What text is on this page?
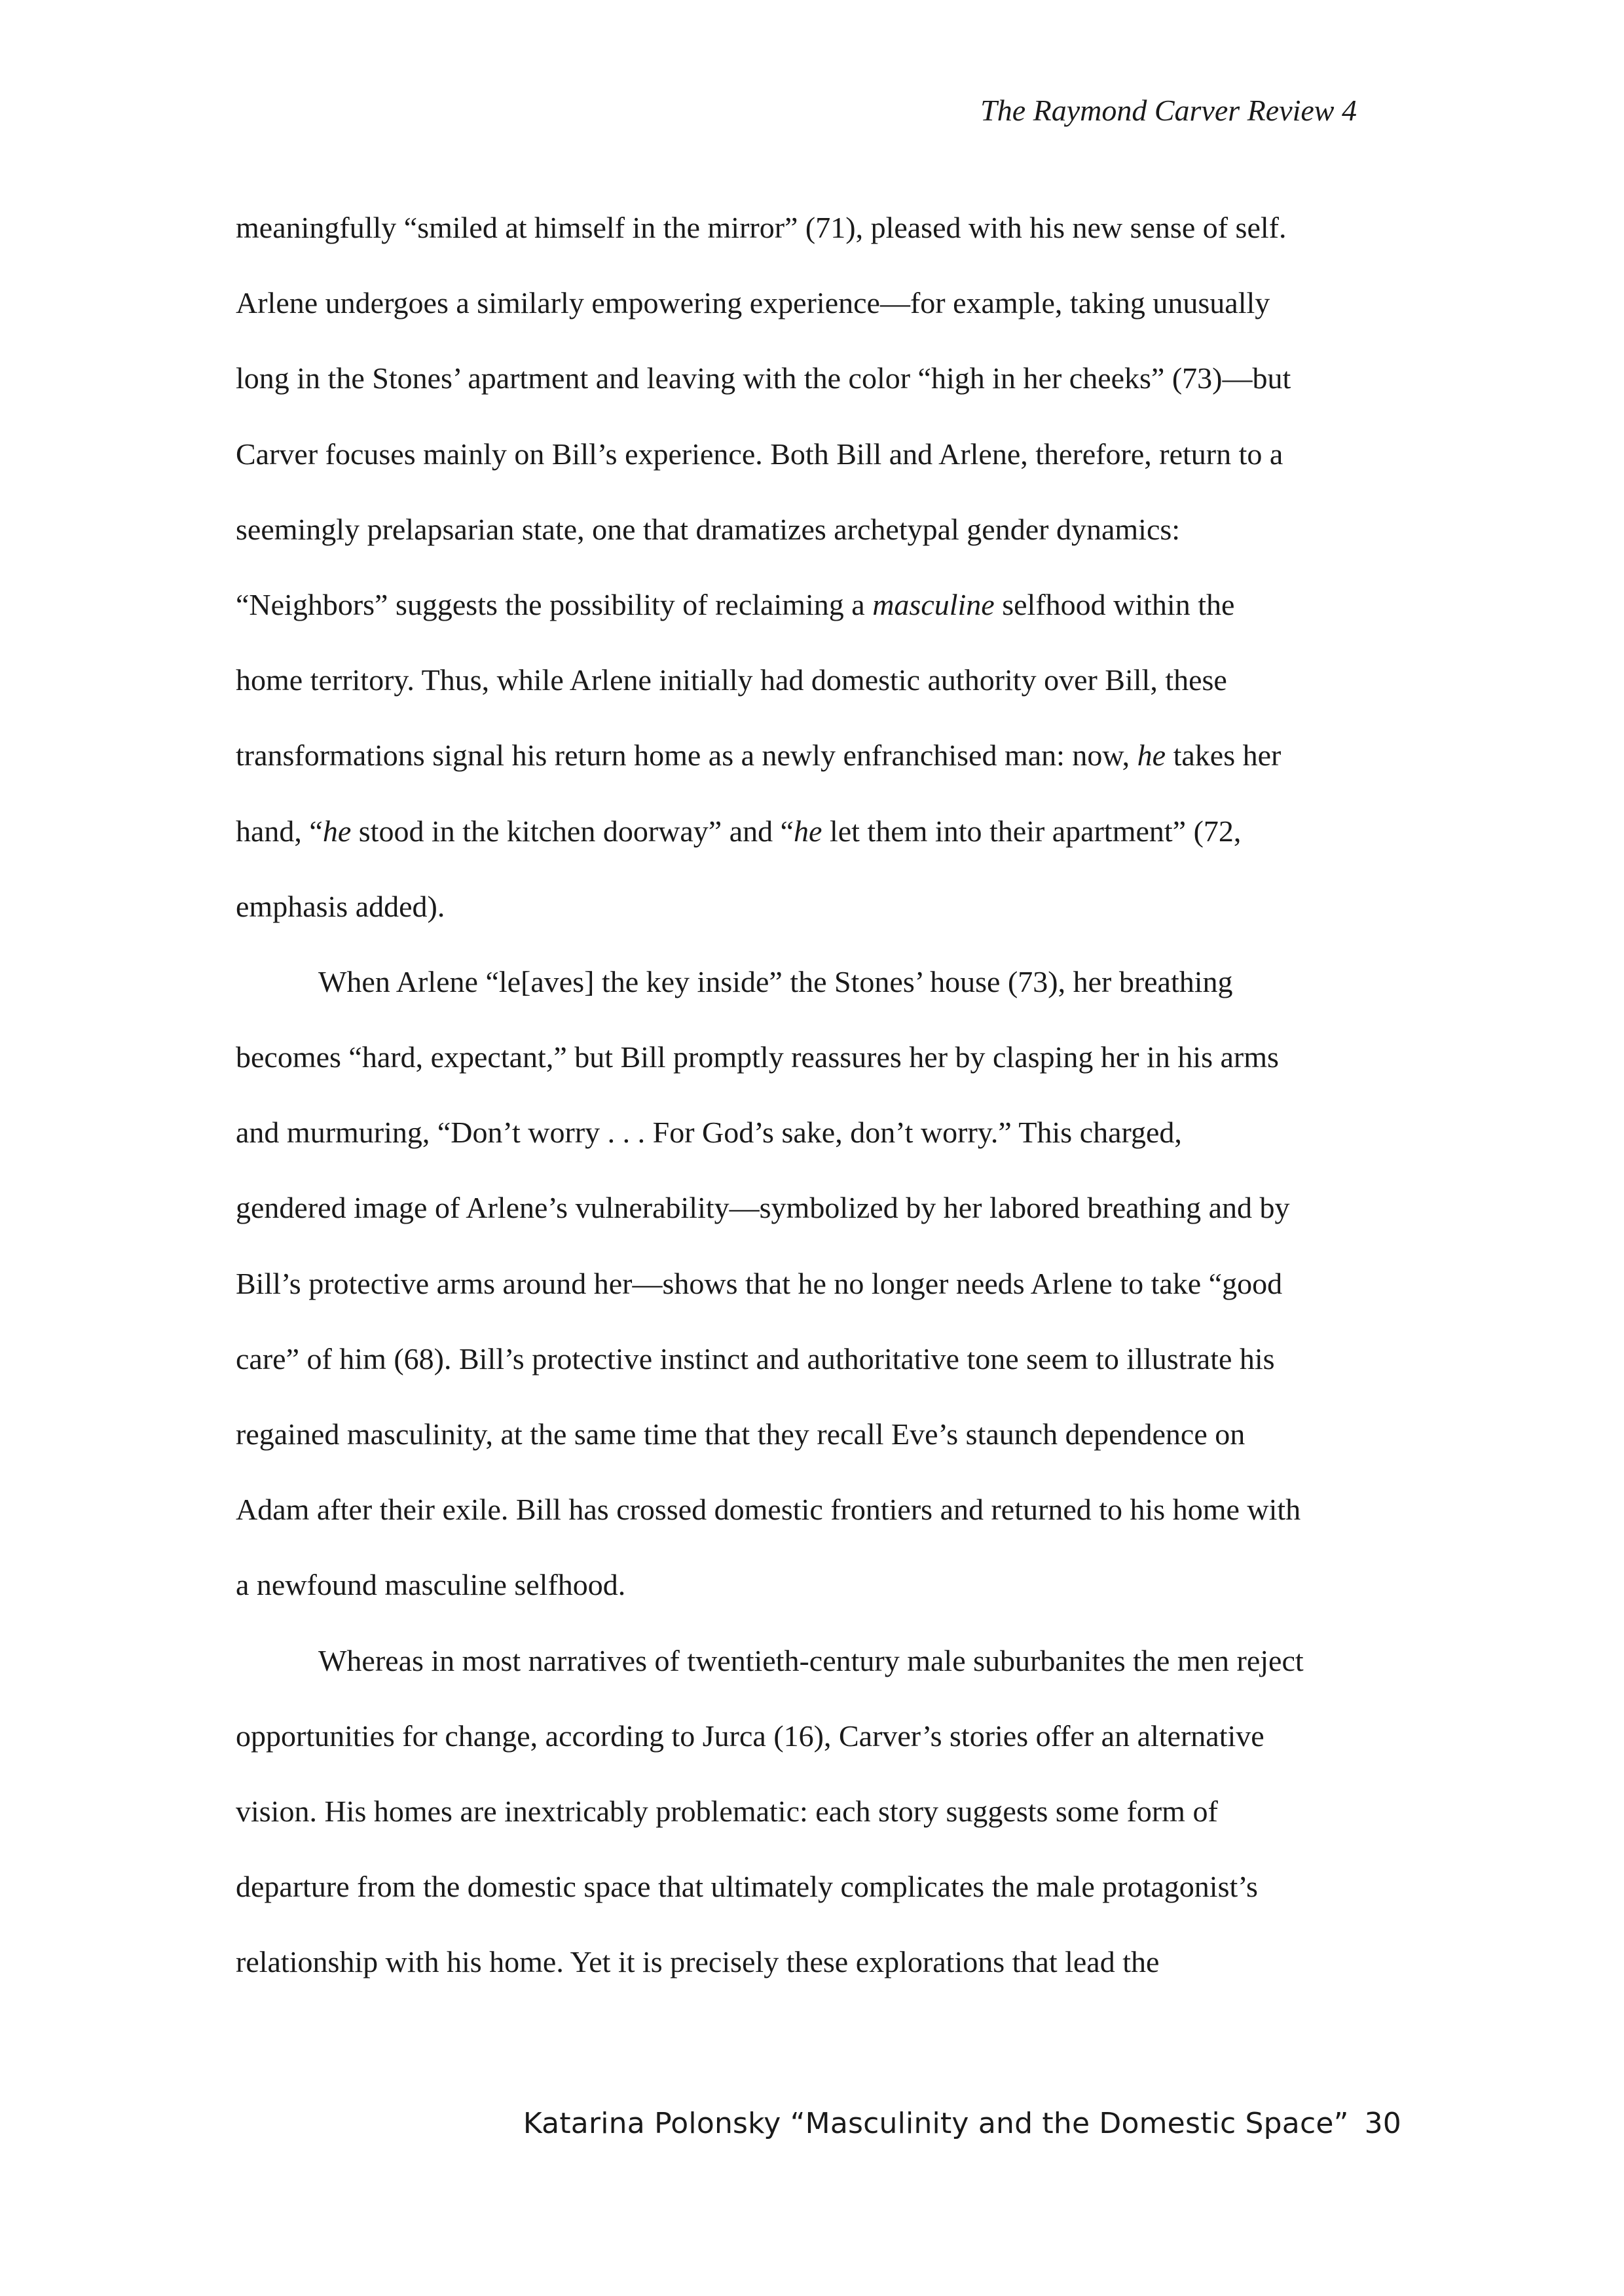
The Raymond Carver Review 4
meaningfully “smiled at himself in the mirror” (71), pleased with his new sense of self.
Arlene undergoes a similarly empowering experience—for example, taking unusually
long in the Stones’ apartment and leaving with the color “high in her cheeks” (73)—but
Carver focuses mainly on Bill’s experience. Both Bill and Arlene, therefore, return to a
seemingly prelapsarian state, one that dramatizes archetypal gender dynamics:
“Neighbors” suggests the possibility of reclaiming a masculine selfhood within the
home territory. Thus, while Arlene initially had domestic authority over Bill, these
transformations signal his return home as a newly enfranchised man: now, he takes her
hand, “he stood in the kitchen doorway” and “he let them into their apartment” (72,
emphasis added).
When Arlene “le[aves] the key inside” the Stones’ house (73), her breathing
becomes “hard, expectant,” but Bill promptly reassures her by clasping her in his arms
and murmuring, “Don’t worry . . . For God’s sake, don’t worry.” This charged,
gendered image of Arlene’s vulnerability—symbolized by her labored breathing and by
Bill’s protective arms around her—shows that he no longer needs Arlene to take “good
care” of him (68). Bill’s protective instinct and authoritative tone seem to illustrate his
regained masculinity, at the same time that they recall Eve’s staunch dependence on
Adam after their exile. Bill has crossed domestic frontiers and returned to his home with
a newfound masculine selfhood.
Whereas in most narratives of twentieth-century male suburbanites the men reject
opportunities for change, according to Jurca (16), Carver’s stories offer an alternative
vision. His homes are inextricably problematic: each story suggests some form of
departure from the domestic space that ultimately complicates the male protagonist’s
relationship with his home. Yet it is precisely these explorations that lead the
Katarina Polonsky “Masculinity and the Domestic Space” 30
